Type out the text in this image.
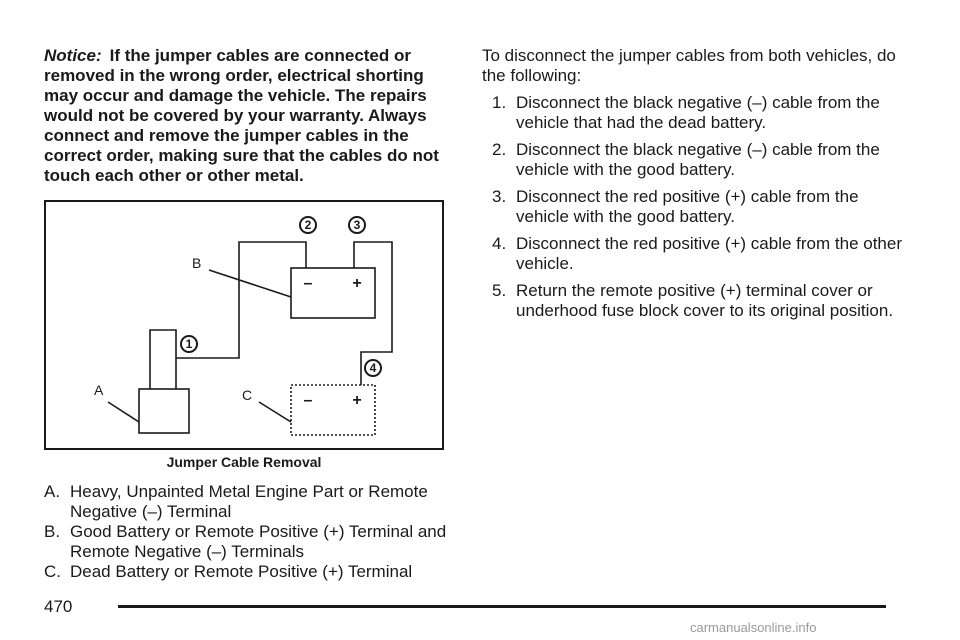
Notice: If the jumper cables are connected or removed in the wrong order, electrical shorting may occur and damage the vehicle. The repairs would not be covered by your warranty. Always connect and remove the jumper cables in the correct order, making sure that the cables do not touch each other or other metal.

1
2	3
4
A
B
C
– +
– +
Jumper Cable Removal
A. Heavy, Unpainted Metal Engine Part or Remote Negative (–) Terminal
B. Good Battery or Remote Positive (+) Terminal and Remote Negative (–) Terminals
C. Dead Battery or Remote Positive (+) Terminal

To disconnect the jumper cables from both vehicles, do the following:

1. Disconnect the black negative (–) cable from the vehicle that had the dead battery.
2. Disconnect the black negative (–) cable from the vehicle with the good battery.
3. Disconnect the red positive (+) cable from the vehicle with the good battery.
4. Disconnect the red positive (+) cable from the other vehicle.
5. Return the remote positive (+) terminal cover or underhood fuse block cover to its original position.
470
carmanualsonline.info
